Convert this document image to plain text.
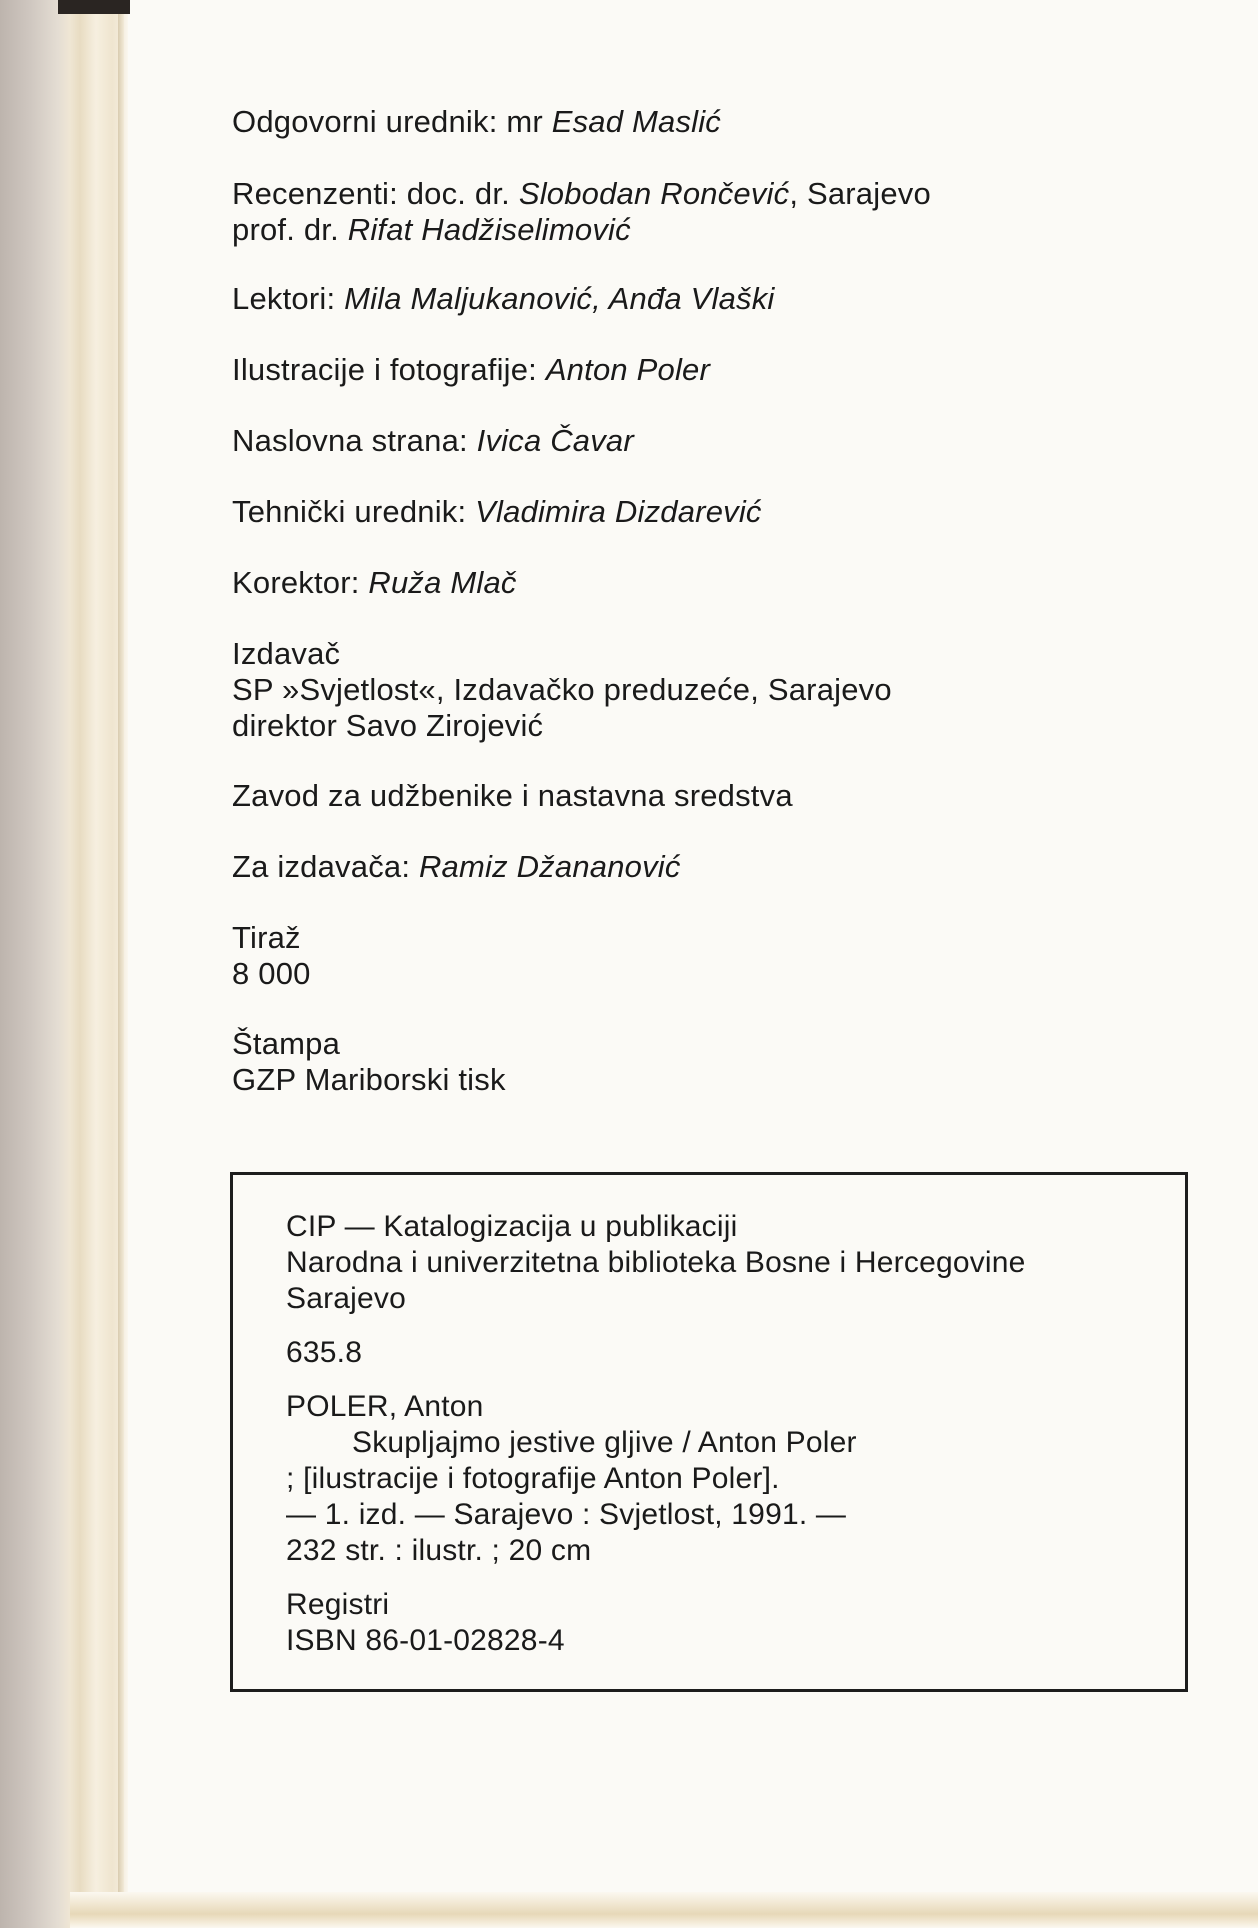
Odgovorni urednik: mr Esad Maslić
Recenzenti: doc. dr. Slobodan Rončević, Sarajevo
prof. dr. Rifat Hadžiselimović
Lektori: Mila Maljukanović, Anđa Vlaški
Ilustracije i fotografije: Anton Poler
Naslovna strana: Ivica Čavar
Tehnički urednik: Vladimira Dizdarević
Korektor: Ruža Mlač
Izdavač
SP »Svjetlost«, Izdavačko preduzeće, Sarajevo
direktor Savo Zirojević
Zavod za udžbenike i nastavna sredstva
Za izdavača: Ramiz Džananović
Tiraž
8 000
Štampa
GZP Mariborski tisk
CIP — Katalogizacija u publikaciji
Narodna i univerzitetna biblioteka Bosne i Hercegovine
Sarajevo
635.8
POLER, Anton
Skupljajmo jestive gljive / Anton Poler
; [ilustracije i fotografije Anton Poler].
— 1. izd. — Sarajevo : Svjetlost, 1991. —
232 str. : ilustr. ; 20 cm
Registri
ISBN 86-01-02828-4
